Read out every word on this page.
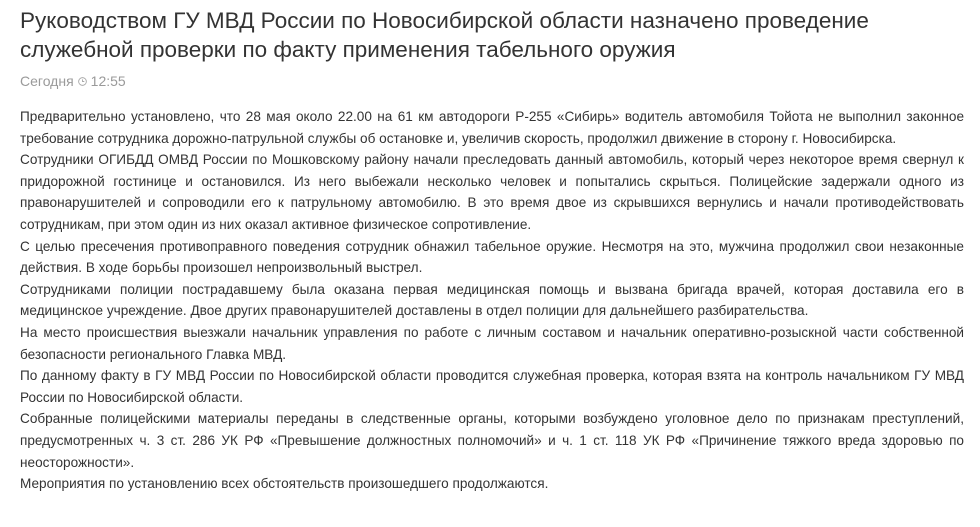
Руководством ГУ МВД России по Новосибирской области назначено проведение служебной проверки по факту применения табельного оружия
Сегодня 12:55

Предварительно установлено, что 28 мая около 22.00 на 61 км автодороги Р-255 «Сибирь» водитель автомобиля Тойота не выполнил законное требование сотрудника дорожно-патрульной службы об остановке и, увеличив скорость, продолжил движение в сторону г. Новосибирска.

Сотрудники ОГИБДД ОМВД России по Мошковскому району начали преследовать данный автомобиль, который через некоторое время свернул к придорожной гостинице и остановился. Из него выбежали несколько человек и попытались скрыться. Полицейские задержали одного из правонарушителей и сопроводили его к патрульному автомобилю. В это время двое из скрывшихся вернулись и начали противодействовать сотрудникам, при этом один из них оказал активное физическое сопротивление.

С целью пресечения противоправного поведения сотрудник обнажил табельное оружие. Несмотря на это, мужчина продолжил свои незаконные действия. В ходе борьбы произошел непроизвольный выстрел.

Сотрудниками полиции пострадавшему была оказана первая медицинская помощь и вызвана бригада врачей, которая доставила его в медицинское учреждение. Двое других правонарушителей доставлены в отдел полиции для дальнейшего разбирательства.

На место происшествия выезжали начальник управления по работе с личным составом и начальник оперативно-розыскной части собственной безопасности регионального Главка МВД.

По данному факту в ГУ МВД России по Новосибирской области проводится служебная проверка, которая взята на контроль начальником ГУ МВД России по Новосибирской области.

Собранные полицейскими материалы переданы в следственные органы, которыми возбуждено уголовное дело по признакам преступлений, предусмотренных ч. 3 ст. 286 УК РФ «Превышение должностных полномочий» и ч. 1 ст. 118 УК РФ «Причинение тяжкого вреда здоровью по неосторожности».

Мероприятия по установлению всех обстоятельств произошедшего продолжаются.
